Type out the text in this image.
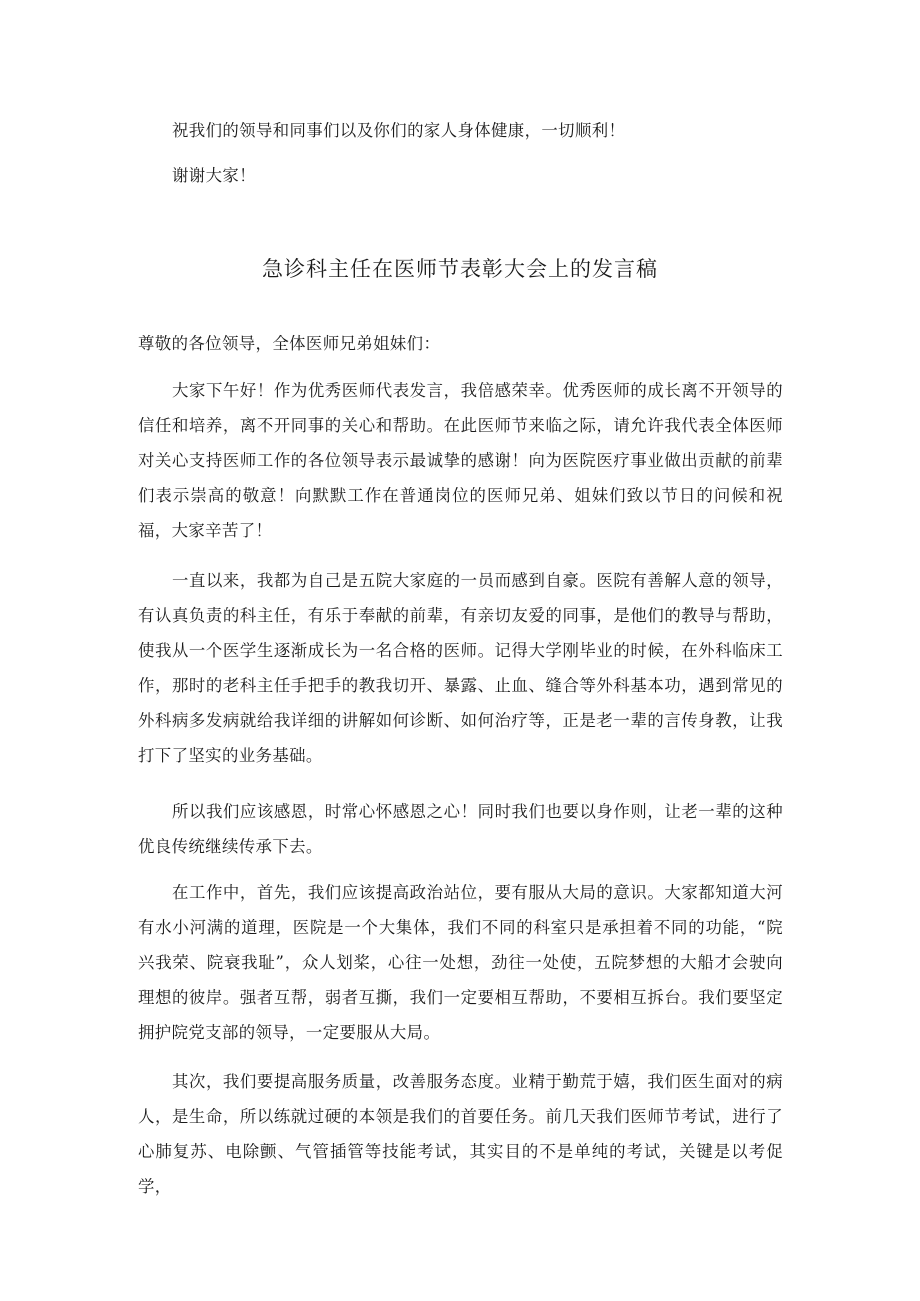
祝我们的领导和同事们以及你们的家人身体健康，一切顺利！

谢谢大家！

急诊科主任在医师节表彰大会上的发言稿

尊敬的各位领导，全体医师兄弟姐妹们：

大家下午好！作为优秀医师代表发言，我倍感荣幸。优秀医师的成长离不开领导的信任和培养，离不开同事的关心和帮助。在此医师节来临之际，请允许我代表全体医师对关心支持医师工作的各位领导表示最诚挚的感谢！向为医院医疗事业做出贡献的前辈们表示崇高的敬意！向默默工作在普通岗位的医师兄弟、姐妹们致以节日的问候和祝福，大家辛苦了！

一直以来，我都为自己是五院大家庭的一员而感到自豪。医院有善解人意的领导，有认真负责的科主任，有乐于奉献的前辈，有亲切友爱的同事，是他们的教导与帮助，使我从一个医学生逐渐成长为一名合格的医师。记得大学刚毕业的时候，在外科临床工作，那时的老科主任手把手的教我切开、暴露、止血、缝合等外科基本功，遇到常见的外科病多发病就给我详细的讲解如何诊断、如何治疗等，正是老一辈的言传身教，让我打下了坚实的业务基础。

所以我们应该感恩，时常心怀感恩之心！同时我们也要以身作则，让老一辈的这种优良传统继续传承下去。

在工作中，首先，我们应该提高政治站位，要有服从大局的意识。大家都知道大河有水小河满的道理，医院是一个大集体，我们不同的科室只是承担着不同的功能，“院兴我荣、院衰我耻”，众人划桨，心往一处想，劲往一处使，五院梦想的大船才会驶向理想的彼岸。强者互帮，弱者互撕，我们一定要相互帮助，不要相互拆台。我们要坚定拥护院党支部的领导，一定要服从大局。

其次，我们要提高服务质量，改善服务态度。业精于勤荒于嬉，我们医生面对的病人，是生命，所以练就过硬的本领是我们的首要任务。前几天我们医师节考试，进行了心肺复苏、电除颤、气管插管等技能考试，其实目的不是单纯的考试，关键是以考促学，
